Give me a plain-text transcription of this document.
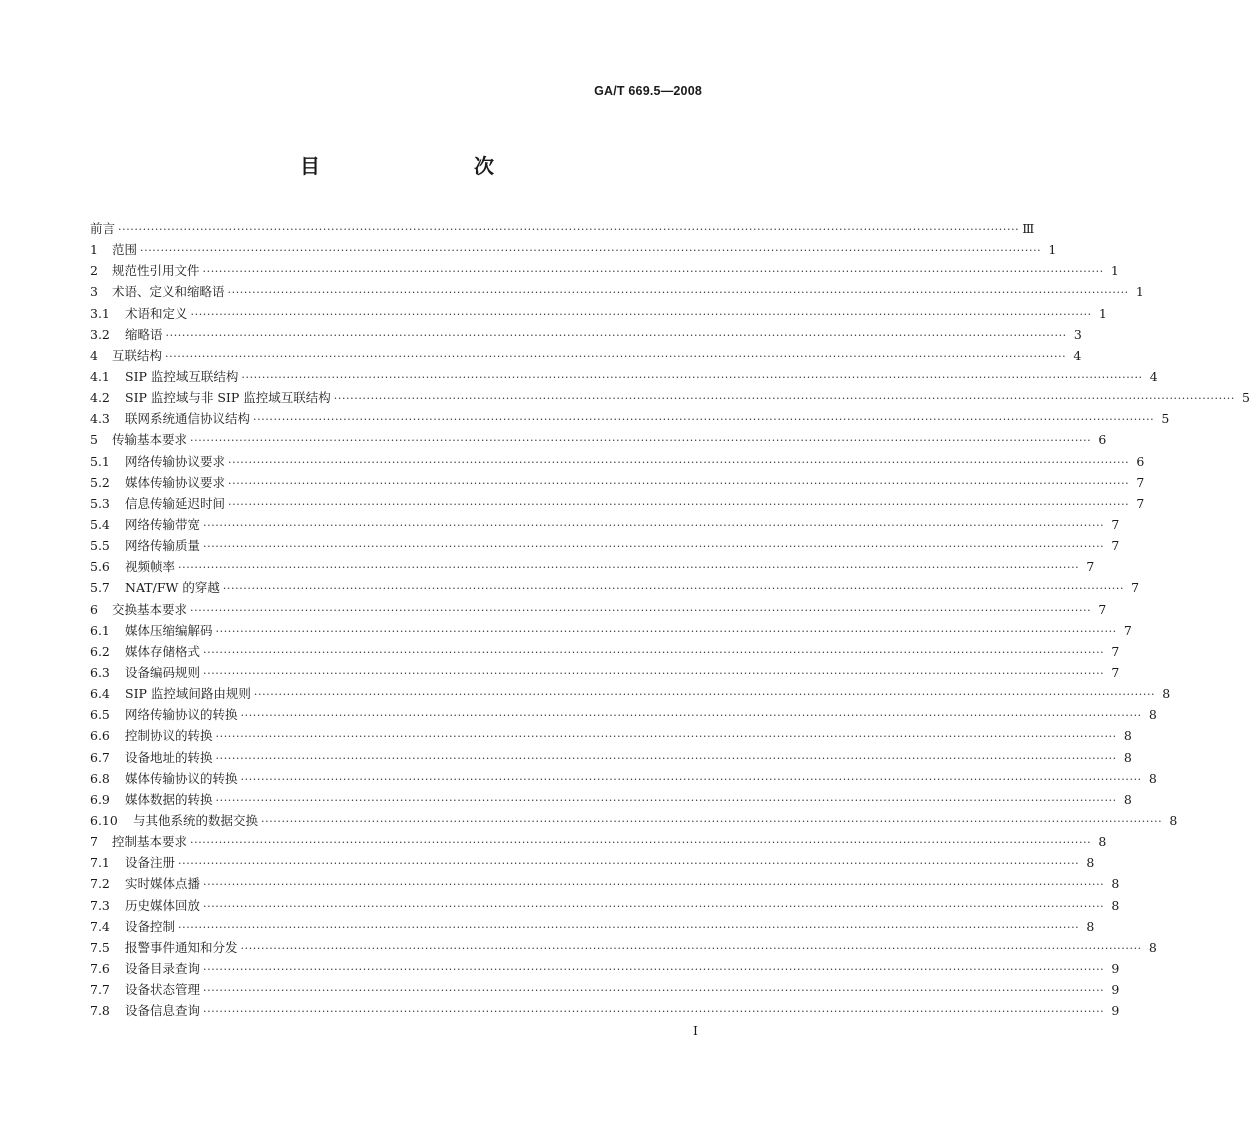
GA/T 669.5—2008
目　　次
前言 ···························································································································································································································· Ⅲ
1	范围 ···························································································································································································································· 1
2	规范性引用文件 ···························································································································································································································· 1
3	术语、定义和缩略语 ···························································································································································································································· 1
3.1	术语和定义 ···························································································································································································································· 1
3.2	缩略语 ···························································································································································································································· 3
4	互联结构 ···························································································································································································································· 4
4.1	SIP 监控域互联结构 ···························································································································································································································· 4
4.2	SIP 监控域与非 SIP 监控域互联结构 ···························································································································································································································· 5
4.3	联网系统通信协议结构 ···························································································································································································································· 5
5	传输基本要求 ···························································································································································································································· 6
5.1	网络传输协议要求 ···························································································································································································································· 6
5.2	媒体传输协议要求 ···························································································································································································································· 7
5.3	信息传输延迟时间 ···························································································································································································································· 7
5.4	网络传输带宽 ···························································································································································································································· 7
5.5	网络传输质量 ···························································································································································································································· 7
5.6	视频帧率 ···························································································································································································································· 7
5.7	NAT/FW 的穿越 ···························································································································································································································· 7
6	交换基本要求 ···························································································································································································································· 7
6.1	媒体压缩编解码 ···························································································································································································································· 7
6.2	媒体存储格式 ···························································································································································································································· 7
6.3	设备编码规则 ···························································································································································································································· 7
6.4	SIP 监控域间路由规则 ···························································································································································································································· 8
6.5	网络传输协议的转换 ···························································································································································································································· 8
6.6	控制协议的转换 ···························································································································································································································· 8
6.7	设备地址的转换 ···························································································································································································································· 8
6.8	媒体传输协议的转换 ···························································································································································································································· 8
6.9	媒体数据的转换 ···························································································································································································································· 8
6.10	与其他系统的数据交换 ···························································································································································································································· 8
7	控制基本要求 ···························································································································································································································· 8
7.1	设备注册 ···························································································································································································································· 8
7.2	实时媒体点播 ···························································································································································································································· 8
7.3	历史媒体回放 ···························································································································································································································· 8
7.4	设备控制 ···························································································································································································································· 8
7.5	报警事件通知和分发 ···························································································································································································································· 8
7.6	设备目录查询 ···························································································································································································································· 9
7.7	设备状态管理 ···························································································································································································································· 9
7.8	设备信息查询 ···························································································································································································································· 9
I
